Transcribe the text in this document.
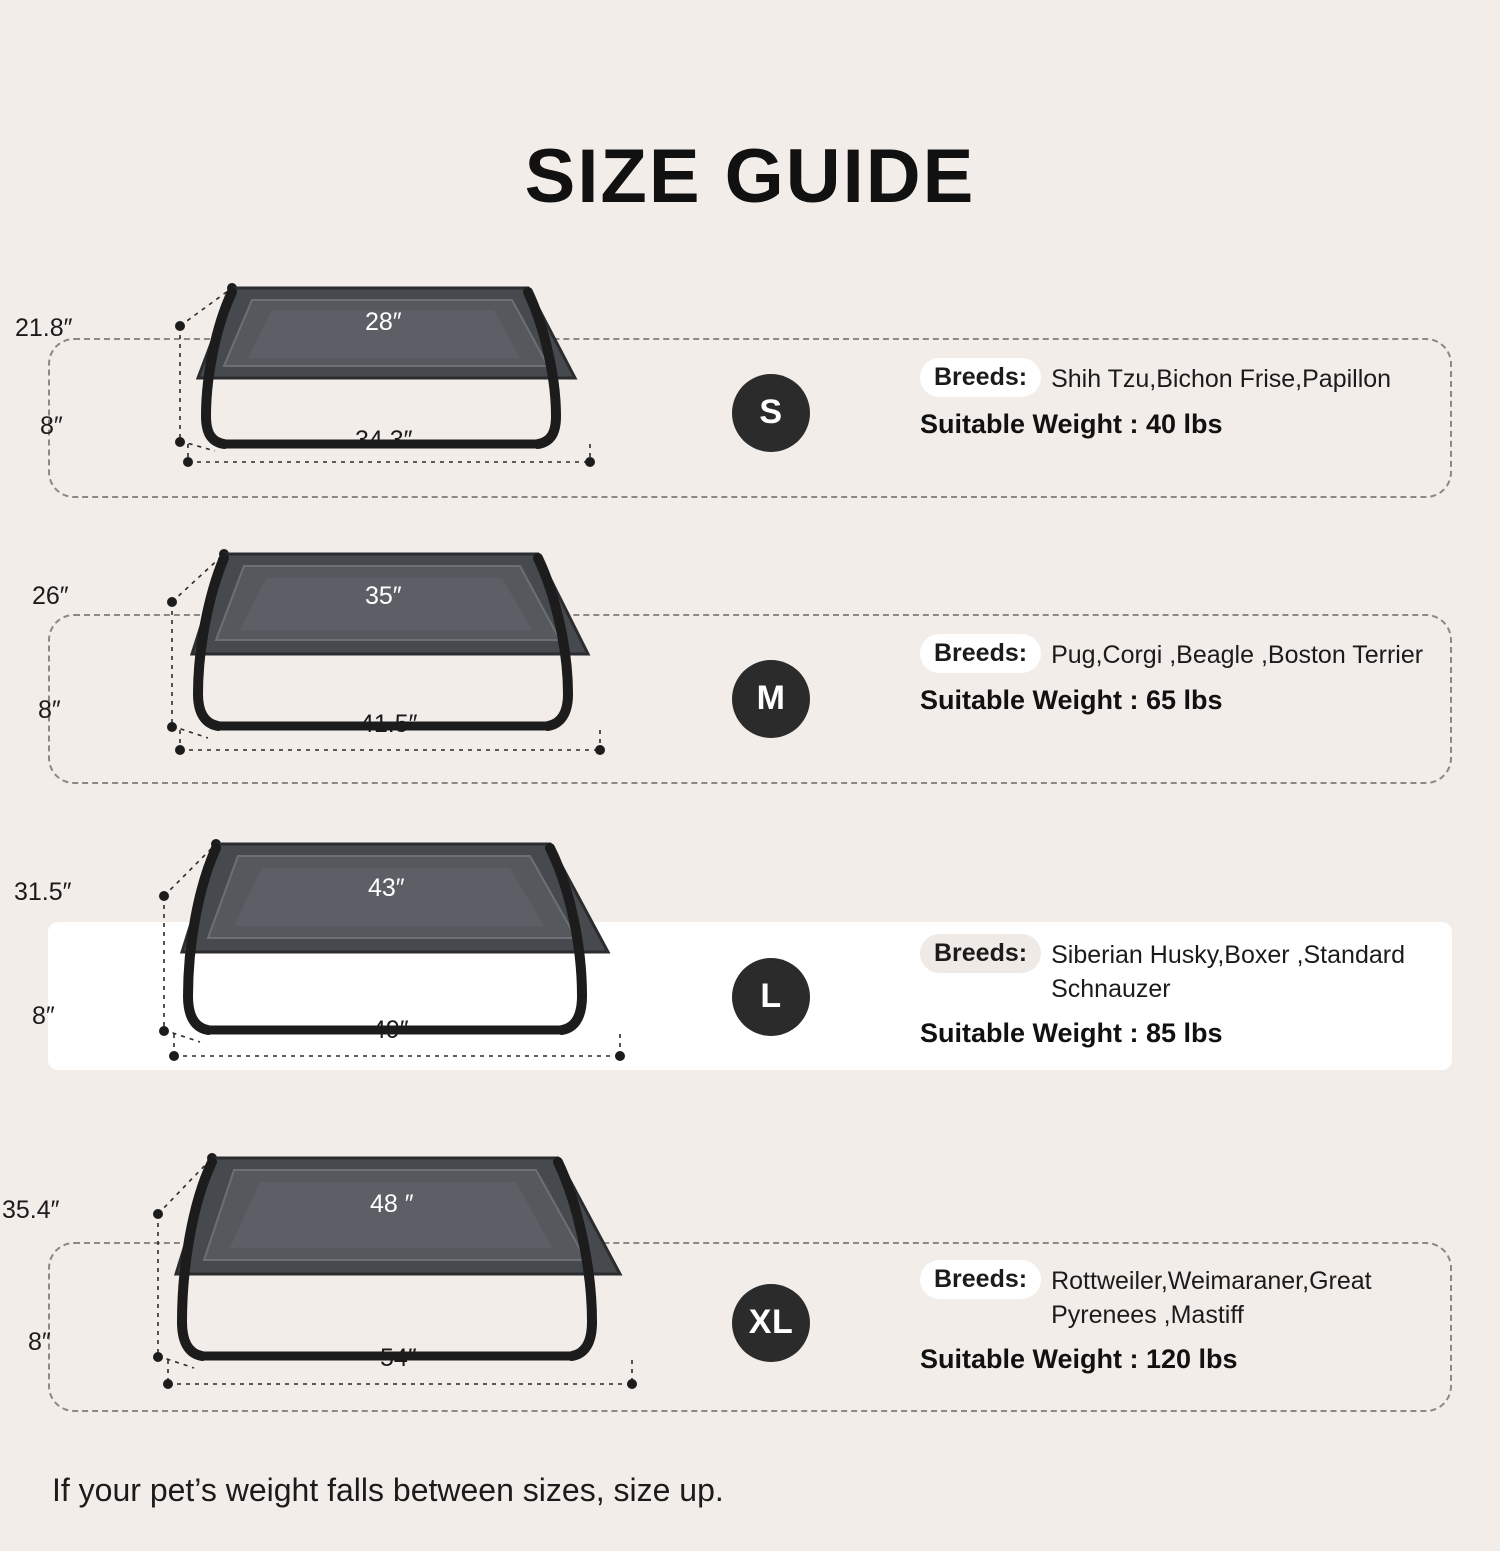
SIZE GUIDE
28″
21.8″
8″	34.3″
S
Breeds: Shih Tzu,Bichon Frise,Papillon
Suitable Weight : 40 lbs
35″
26″
8″	41.5″
M
Breeds: Pug,Corgi ,Beagle ,Boston Terrier
Suitable Weight : 65 lbs
43″
31.5″
8″	49″
L
Breeds: Siberian Husky,Boxer ,Standard Schnauzer
Suitable Weight : 85 lbs
48 ″
35.4″
8″
54″
XL
Breeds: Rottweiler,Weimaraner,Great Pyrenees ,Mastiff
Suitable Weight : 120 lbs
If your pet’s weight falls between sizes, size up.
